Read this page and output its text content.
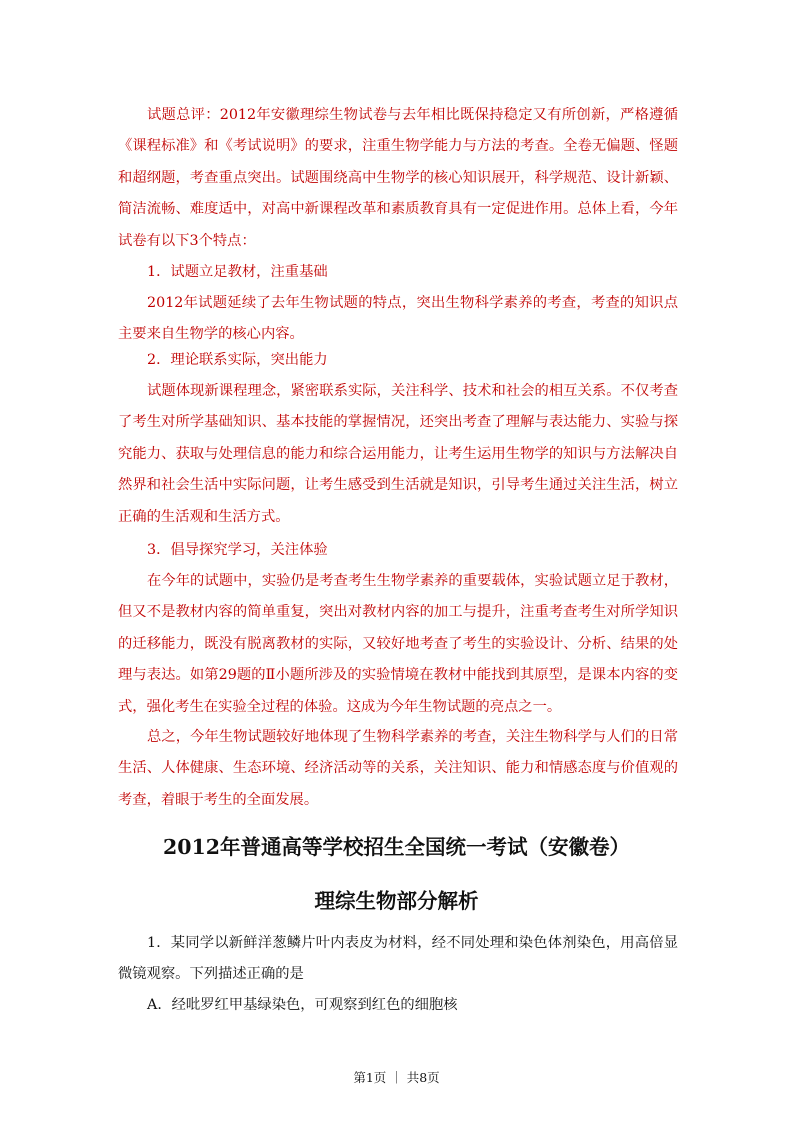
试题总评：2012年安徽理综生物试卷与去年相比既保持稳定又有所创新，严格遵循《课程标准》和《考试说明》的要求，注重生物学能力与方法的考查。全卷无偏题、怪题和超纲题，考查重点突出。试题围绕高中生物学的核心知识展开，科学规范、设计新颖、简洁流畅、难度适中，对高中新课程改革和素质教育具有一定促进作用。总体上看，今年试卷有以下3个特点：

1．试题立足教材，注重基础

2012年试题延续了去年生物试题的特点，突出生物科学素养的考查，考查的知识点主要来自生物学的核心内容。

2．理论联系实际，突出能力

试题体现新课程理念，紧密联系实际，关注科学、技术和社会的相互关系。不仅考查了考生对所学基础知识、基本技能的掌握情况，还突出考查了理解与表达能力、实验与探究能力、获取与处理信息的能力和综合运用能力，让考生运用生物学的知识与方法解决自然界和社会生活中实际问题，让考生感受到生活就是知识，引导考生通过关注生活，树立正确的生活观和生活方式。

3．倡导探究学习，关注体验

在今年的试题中，实验仍是考查考生生物学素养的重要载体，实验试题立足于教材，但又不是教材内容的简单重复，突出对教材内容的加工与提升，注重考查考生对所学知识的迁移能力，既没有脱离教材的实际，又较好地考查了考生的实验设计、分析、结果的处理与表达。如第29题的Ⅱ小题所涉及的实验情境在教材中能找到其原型，是课本内容的变式，强化考生在实验全过程的体验。这成为今年生物试题的亮点之一。

总之，今年生物试题较好地体现了生物科学素养的考查，关注生物科学与人们的日常生活、人体健康、生态环境、经济活动等的关系，关注知识、能力和情感态度与价值观的考查，着眼于考生的全面发展。

2012年普通高等学校招生全国统一考试（安徽卷）

理综生物部分解析

1．某同学以新鲜洋葱鳞片叶内表皮为材料，经不同处理和染色体剂染色，用高倍显微镜观察。下列描述正确的是

A．经吡罗红甲基绿染色，可观察到红色的细胞核

第1页 ｜ 共8页
